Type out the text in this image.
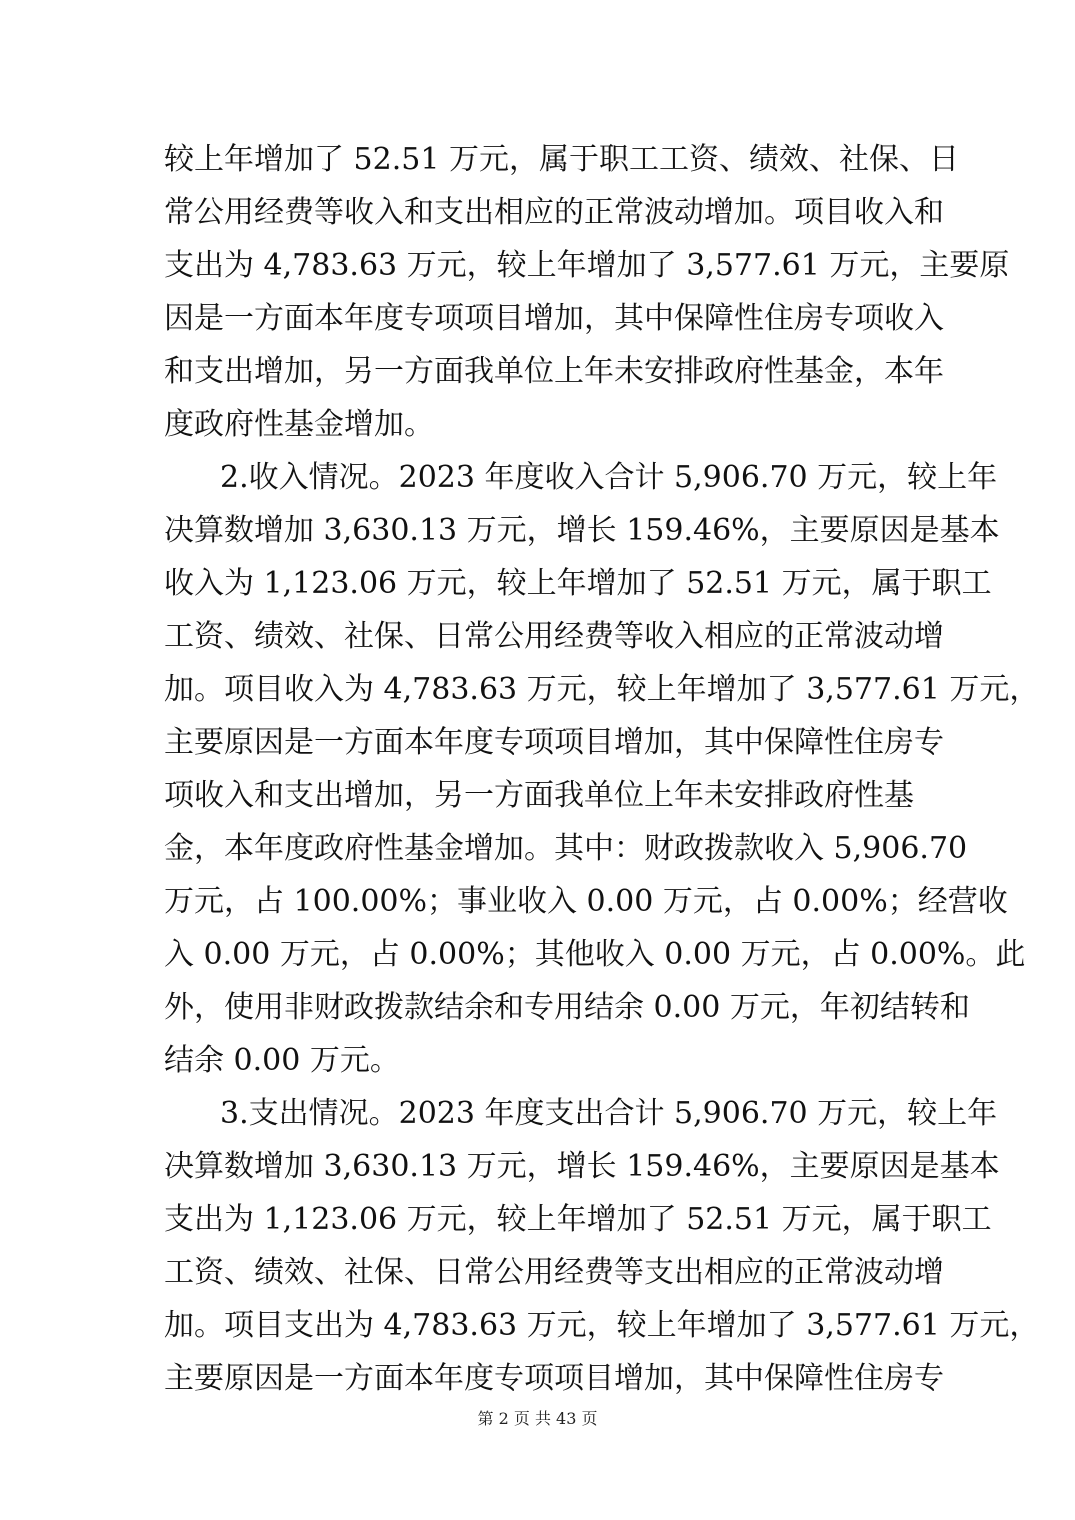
较上年增加了 52.51 万元，属于职工工资、绩效、社保、日
常公用经费等收入和支出相应的正常波动增加。项目收入和
支出为 4,783.63 万元，较上年增加了 3,577.61 万元，主要原
因是一方面本年度专项项目增加，其中保障性住房专项收入
和支出增加，另一方面我单位上年未安排政府性基金，本年
度政府性基金增加。
2.收入情况。2023 年度收入合计 5,906.70 万元，较上年
决算数增加 3,630.13 万元，增长 159.46%，主要原因是基本
收入为 1,123.06 万元，较上年增加了 52.51 万元，属于职工
工资、绩效、社保、日常公用经费等收入相应的正常波动增
加。项目收入为 4,783.63 万元，较上年增加了 3,577.61 万元，
主要原因是一方面本年度专项项目增加，其中保障性住房专
项收入和支出增加，另一方面我单位上年未安排政府性基
金，本年度政府性基金增加。其中：财政拨款收入 5,906.70
万元，占 100.00%；事业收入 0.00 万元，占 0.00%；经营收
入 0.00 万元，占 0.00%；其他收入 0.00 万元，占 0.00%。此
外，使用非财政拨款结余和专用结余 0.00 万元，年初结转和
结余 0.00 万元。
3.支出情况。2023 年度支出合计 5,906.70 万元，较上年
决算数增加 3,630.13 万元，增长 159.46%，主要原因是基本
支出为 1,123.06 万元，较上年增加了 52.51 万元，属于职工
工资、绩效、社保、日常公用经费等支出相应的正常波动增
加。项目支出为 4,783.63 万元，较上年增加了 3,577.61 万元，
主要原因是一方面本年度专项项目增加，其中保障性住房专
第 2 页 共 43 页
